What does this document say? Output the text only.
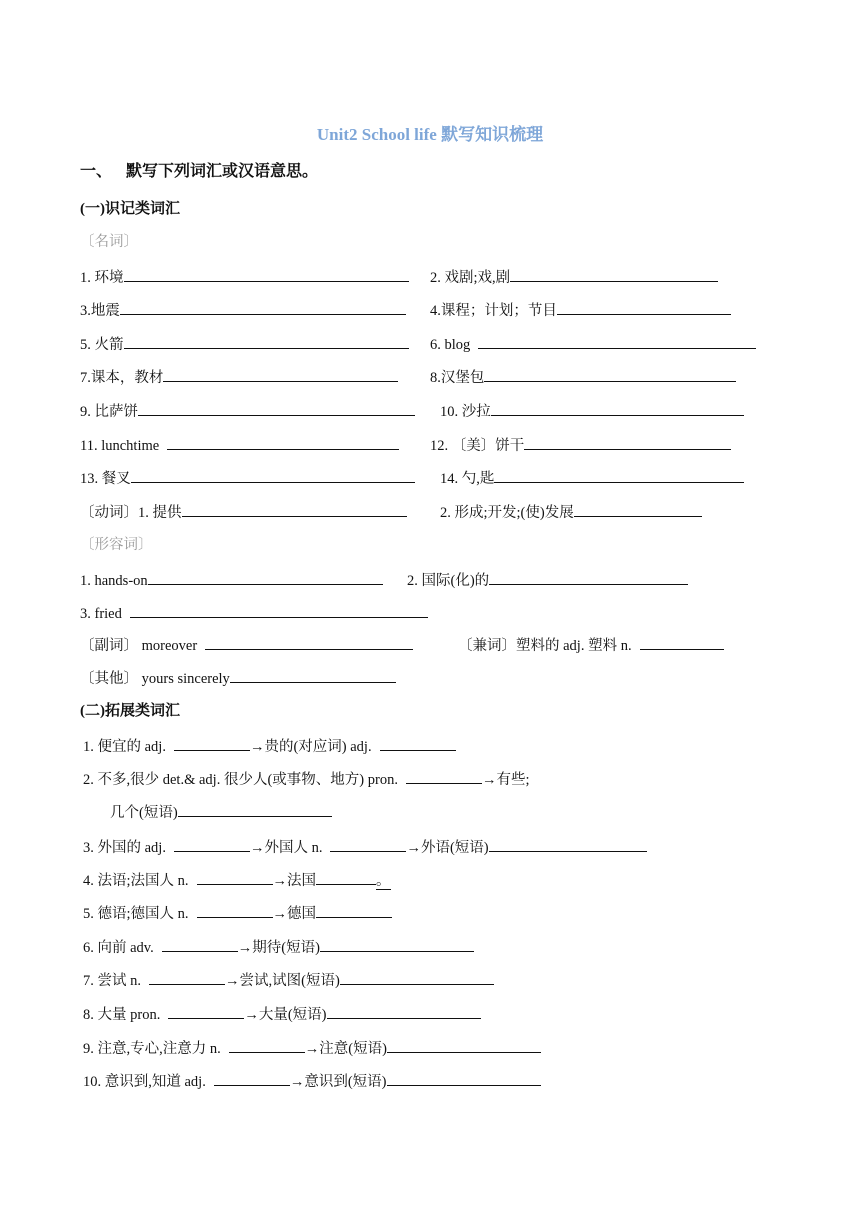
Unit2 School life 默写知识梳理
一、 默写下列词汇或汉语意思。
(一)识记类词汇
〔名词〕
1. 环境	2. 戏剧;戏,剧
3.地震	4.课程；计划；节目
5. 火箭	6. blog
7.课本，教材	8.汉堡包
9. 比萨饼	10. 沙拉
11. lunchtime	12. 〔美〕饼干
13. 餐叉	14. 勺,匙
〔动词〕1. 提供	2. 形成;开发;(使)发展
〔形容词〕
1. hands-on	2. 国际(化)的
3. fried
〔副词〕 moreover	〔兼词〕塑料的 adj. 塑料 n.
〔其他〕 yours sincerely
(二)拓展类词汇
1. 便宜的 adj.	→贵的(对应词) adj.
2. 不多,很少 det.& adj. 很少人(或事物、地方) pron.	→有些;
几个(短语)
3. 外国的 adj.	→外国人 n.	→外语(短语)
4. 法语;法国人 n.	→法国	。
5. 德语;德国人 n.	→德国
6. 向前 adv.	→期待(短语)
7. 尝试 n.	→尝试,试图(短语)
8. 大量 pron.	→大量(短语)
9. 注意,专心,注意力 n.	→注意(短语)
10. 意识到,知道 adj.	→意识到(短语)
